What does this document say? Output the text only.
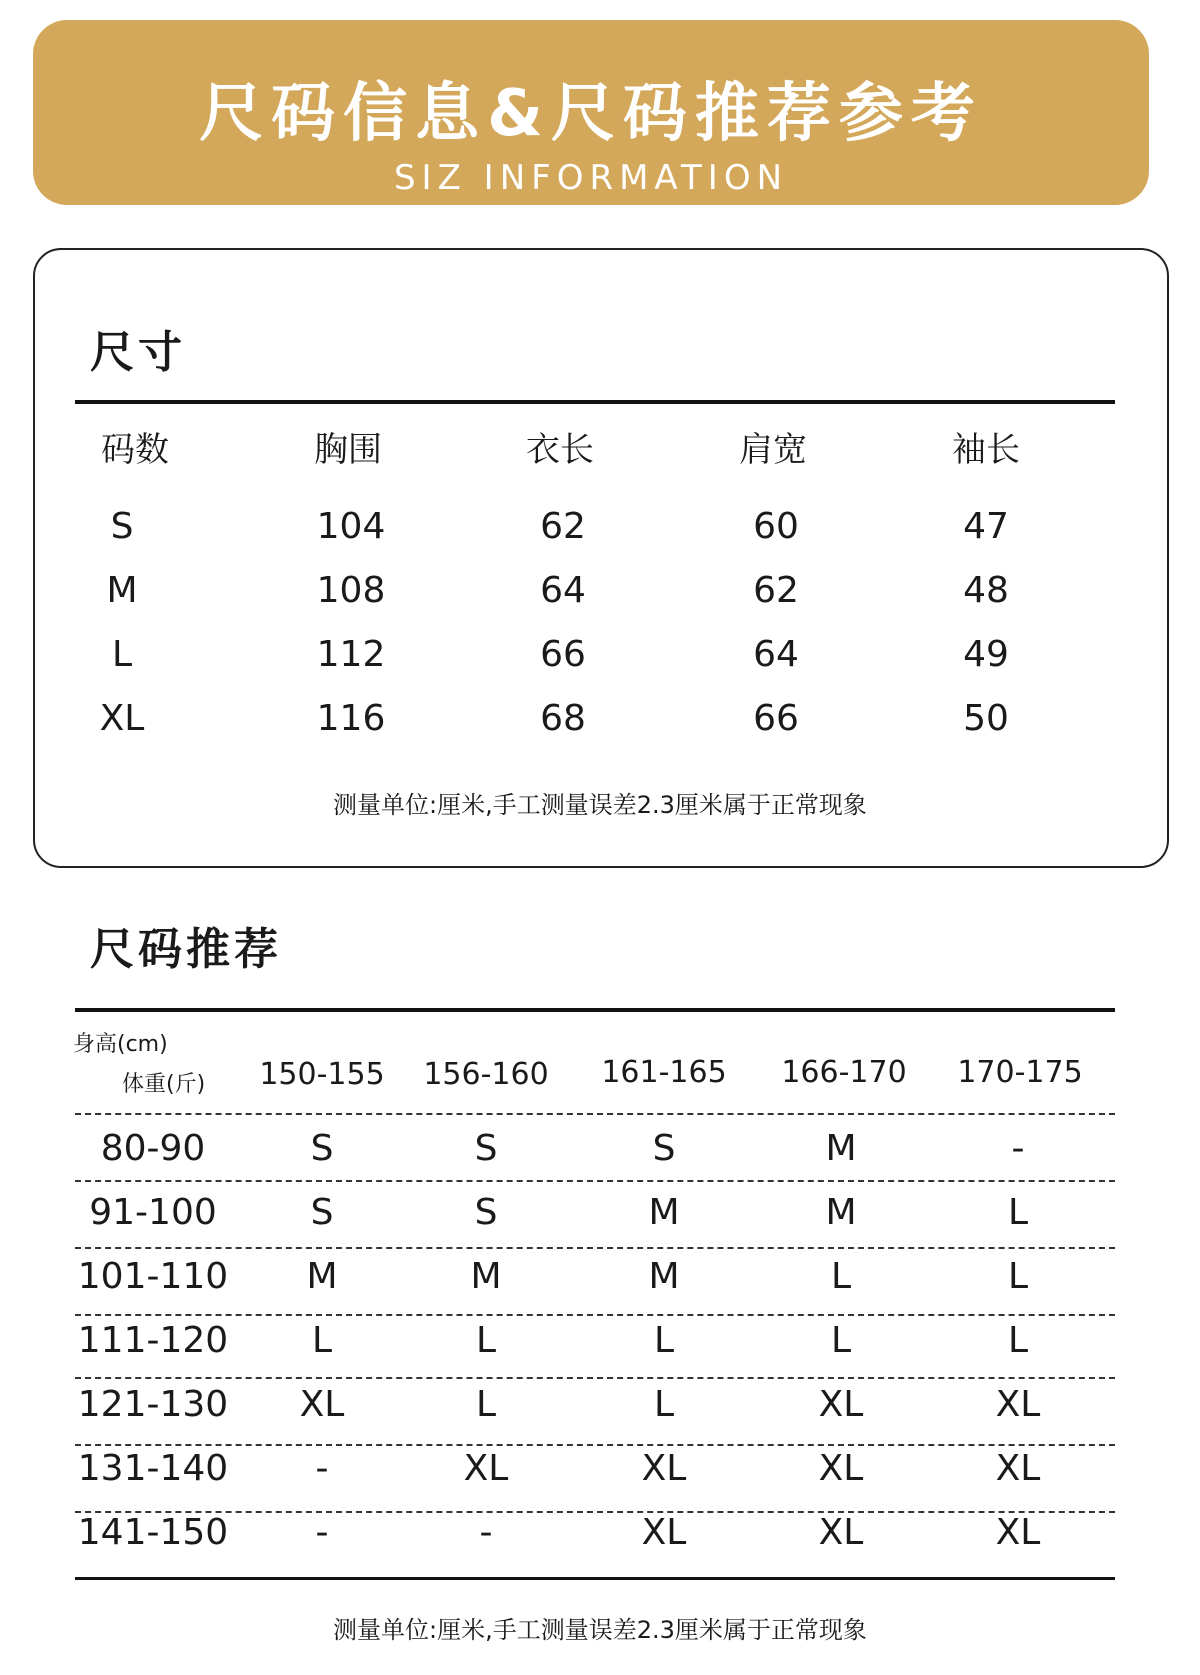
尺码信息&尺码推荐参考
SIZ INFORMATION
尺寸
码数	胸围	衣长	肩宽	袖长
S	104	62	60	47
M	108	64	62	48
L	112	66	64	49
XL	116	68	66	50
测量单位:厘米,手工测量误差2.3厘米属于正常现象
尺码推荐
身高(cm)
体重(斤)	150-155	156-160	161-165	166-170	170-175
80-90	S	S	S	M	-
91-100	S	S	M	M	L
101-110	M	M	M	L	L
111-120	L	L	L	L	L
121-130	XL	L	L	XL	XL
131-140	-	XL	XL	XL	XL
141-150	-	-	XL	XL	XL
测量单位:厘米,手工测量误差2.3厘米属于正常现象
